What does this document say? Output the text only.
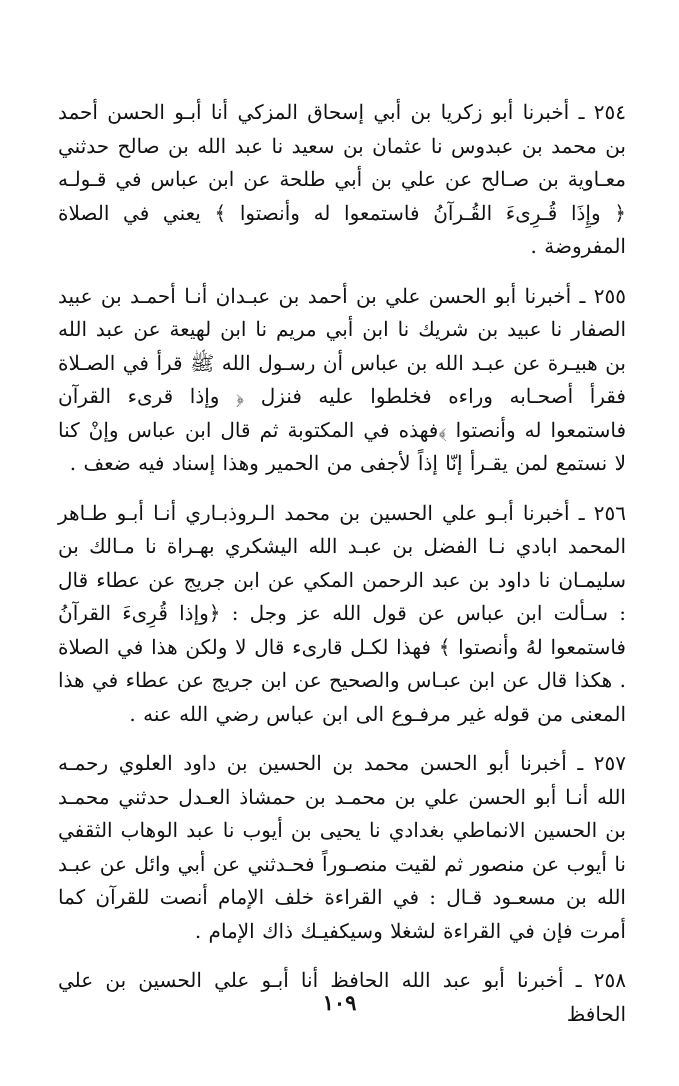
٢٥٤ ـ أخبرنا أبو زكريا بن أبي إسحاق المزكي أنا أبـو الحسن أحمد بن محمد بن عبدوس نا عثمان بن سعيد نا عبد الله بن صالح حدثني معـاوية بن صـالح عن علي بن أبي طلحة عن ابن عباس في قـولـه ﴿ وإِذَا قُـرِىءَ القُـرآنُ فاستمعوا له وأنصتوا ﴾ يعني في الصلاة المفروضة .

٢٥٥ ـ أخبرنا أبو الحسن علي بن أحمد بن عبـدان أنـا أحمـد بن عبيد الصفار نا عبيد بن شريك نا ابن أبي مريم نا ابن لهيعة عن عبد الله بن هبيـرة عن عبـد الله بن عباس أن رسـول الله ﷺ قرأ في الصـلاة فقرأ أصحـابه وراءه فخلطوا عليه فنزل ﴿ وإذا قرىء القرآن فاستمعوا له وأنصتوا ﴾فهذه في المكتوبة ثم قال ابن عباس وإنْ كنا لا نستمع لمن يقـرأ إنّا إذاً لأجفى من الحمير وهذا إسناد فيه ضعف .

٢٥٦ ـ أخبرنا أبـو علي الحسين بن محمد الـروذبـاري أنـا أبـو طـاهر المحمد ابادي نـا الفضل بن عبـد الله اليشكري بهـراة نا مـالك بن سليمـان نا داود بن عبد الرحمن المكي عن ابن جريج عن عطاء قال : سـألت ابن عباس عن قول الله عز وجل : ﴿وإذا قُرِىءَ القرآنُ فاستمعوا لهُ وأنصتوا ﴾ فهذا لكـل قارىء قال لا ولكن هذا في الصلاة . هكذا قال عن ابن عبـاس والصحيح عن ابن جريج عن عطاء في هذا المعنى من قوله غير مرفـوع الى ابن عباس رضي الله عنه .

٢٥٧ ـ أخبرنا أبو الحسن محمد بن الحسين بن داود العلوي رحمـه الله أنـا أبو الحسن علي بن محمـد بن حمشاذ العـدل حدثني محمـد بن الحسين الانماطي بغدادي نا يحيى بن أيوب نا عبد الوهاب الثقفي نا أيوب عن منصور ثم لقيت منصـوراً فحـدثني عن أبي وائل عن عبـد الله بن مسعـود قـال : في القراءة خلف الإمام أنصت للقرآن كما أمرت فإن في القراءة لشغلا وسيكفيـك ذاك الإمام .

٢٥٨ ـ أخبرنا أبو عبد الله الحافظ أنا أبـو علي الحسين بن علي الحافظ

١٠٩
